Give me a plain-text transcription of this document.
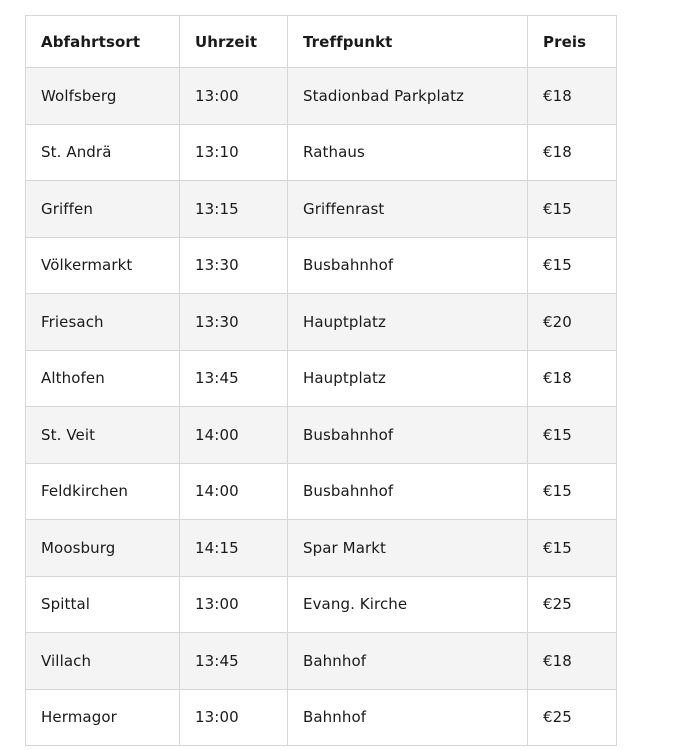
Abfahrtsort	Uhrzeit	Treffpunkt	Preis
Wolfsberg	13:00	Stadionbad Parkplatz	€18
St. Andrä	13:10	Rathaus	€18
Griffen	13:15	Griffenrast	€15
Völkermarkt	13:30	Busbahnhof	€15
Friesach	13:30	Hauptplatz	€20
Althofen	13:45	Hauptplatz	€18
St. Veit	14:00	Busbahnhof	€15
Feldkirchen	14:00	Busbahnhof	€15
Moosburg	14:15	Spar Markt	€15
Spittal	13:00	Evang. Kirche	€25
Villach	13:45	Bahnhof	€18
Hermagor	13:00	Bahnhof	€25
